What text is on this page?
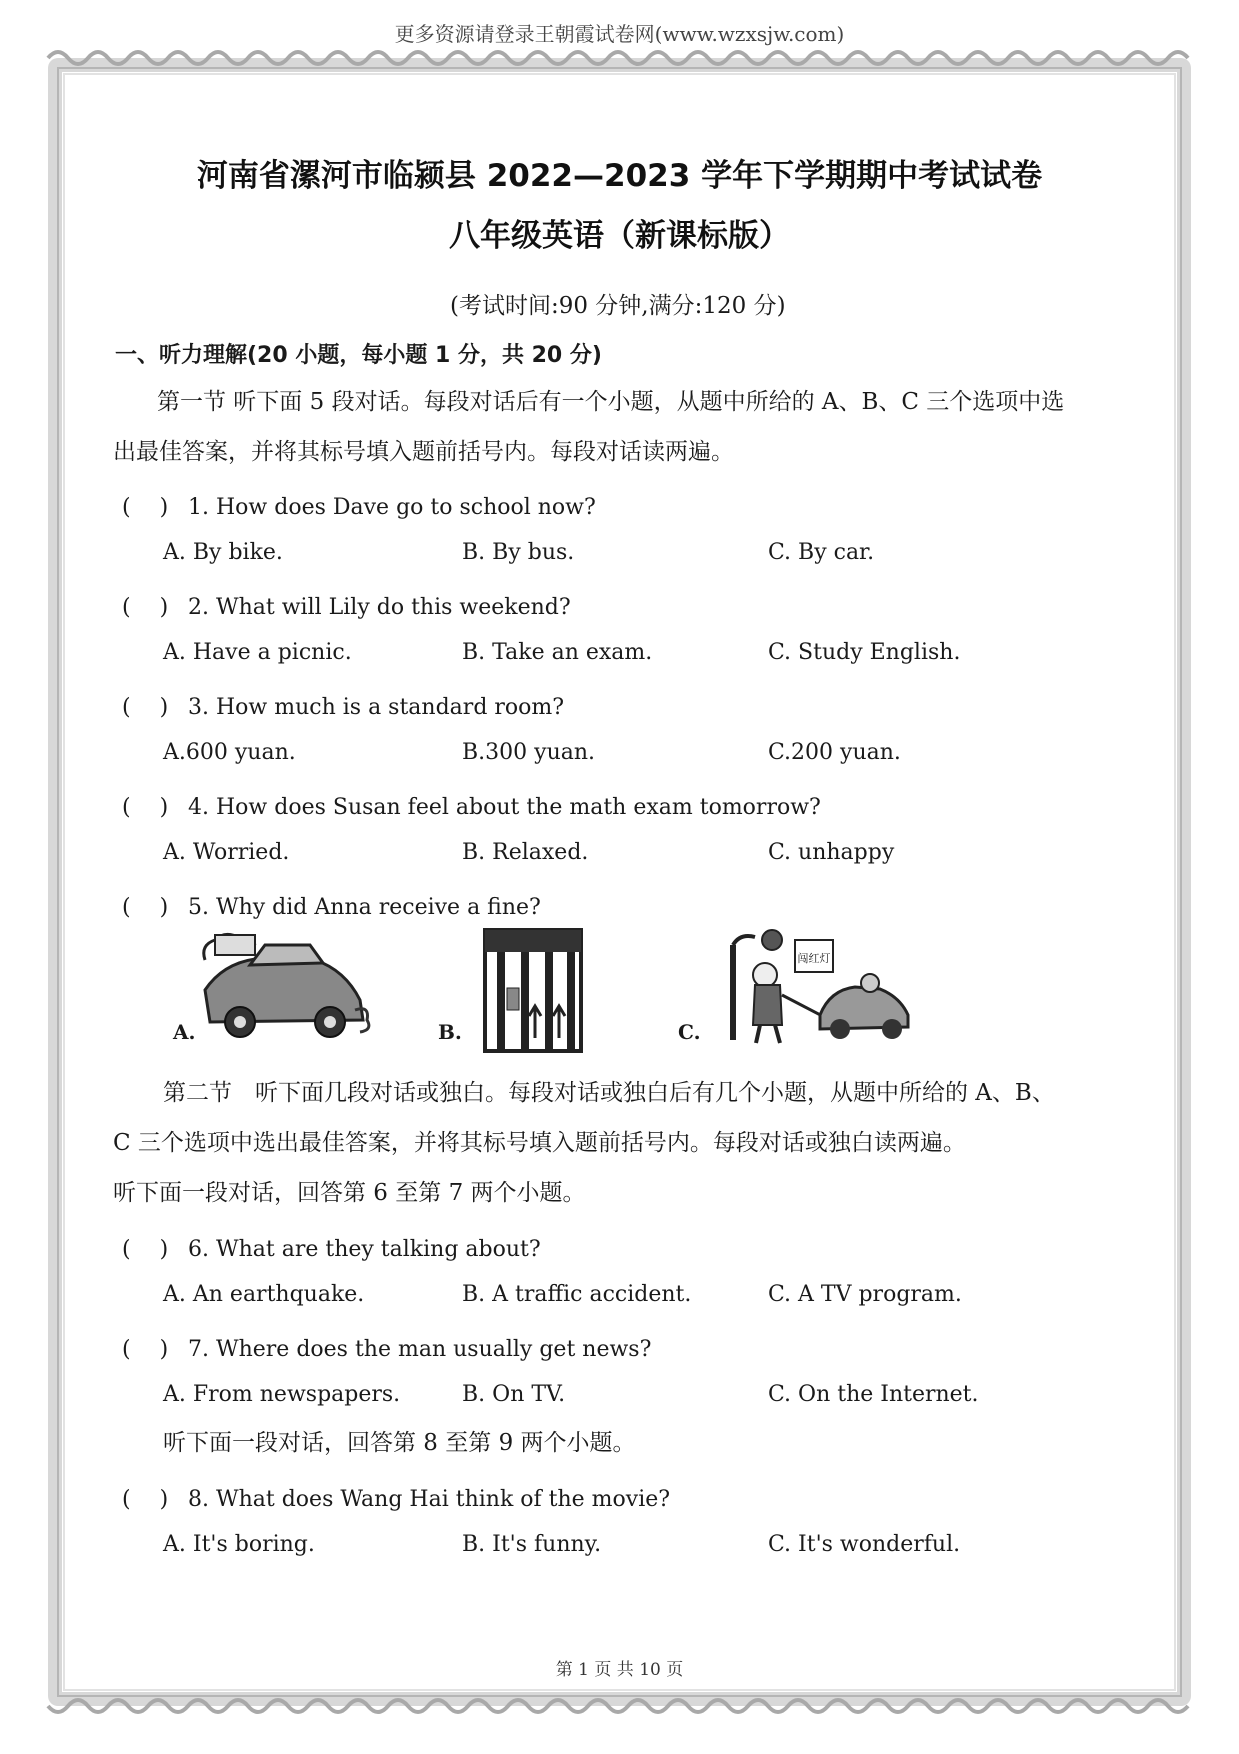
更多资源请登录王朝霞试卷网(www.wzxsjw.com)
河南省漯河市临颍县 2022—2023 学年下学期期中考试试卷
八年级英语（新课标版）
(考试时间:90 分钟,满分:120 分)
一、听力理解(20 小题，每小题 1 分，共 20 分)
第一节 听下面 5 段对话。每段对话后有一个小题，从题中所给的 A、B、C 三个选项中选
出最佳答案，并将其标号填入题前括号内。每段对话读两遍。
(　 ) 1. How does Dave go to school now?
A. By bike.	B. By bus.	C. By car.
(　 ) 2. What will Lily do this weekend?
A. Have a picnic.	B. Take an exam.	C. Study English.
(　 ) 3. How much is a standard room?
A.600 yuan.	B.300 yuan.	C.200 yuan.
(　 ) 4. How does Susan feel about the math exam tomorrow?
A. Worried.	B. Relaxed.	C. unhappy
(　 ) 5. Why did Anna receive a fine?
A.	B.	C.
闯红灯
第二节　听下面几段对话或独白。每段对话或独白后有几个小题，从题中所给的 A、B、
C 三个选项中选出最佳答案，并将其标号填入题前括号内。每段对话或独白读两遍。
听下面一段对话，回答第 6 至第 7 两个小题。
(　 ) 6. What are they talking about?
A. An earthquake.	B. A traffic accident.	C. A TV program.
(　 ) 7. Where does the man usually get news?
A. From newspapers.	B. On TV.	C. On the Internet.
听下面一段对话，回答第 8 至第 9 两个小题。
(　 ) 8. What does Wang Hai think of the movie?
A. It's boring.	B. It's funny.	C. It's wonderful.
第 1 页 共 10 页
